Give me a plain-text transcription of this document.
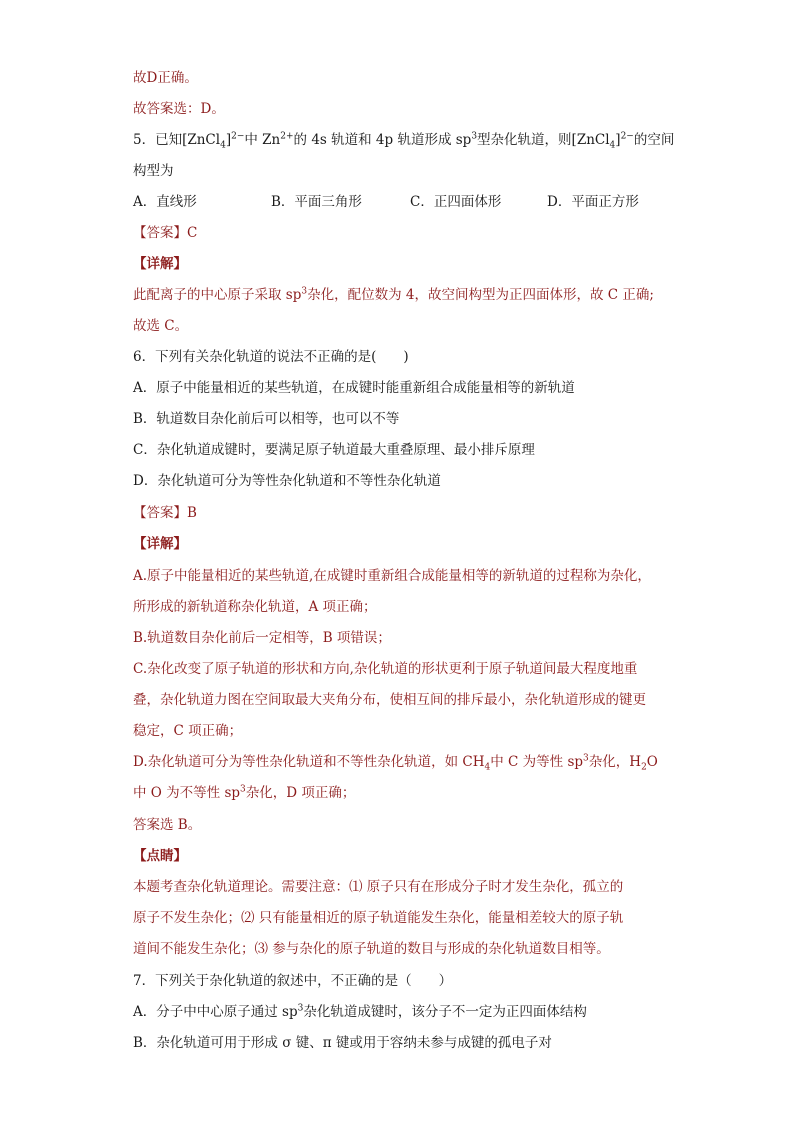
故D正确。
故答案选：D。
5．已知[ZnCl$_4$]$^{2-}$中 $Zn^{2+}$的 4s 轨道和 4p 轨道形成 $sp^3$型杂化轨道，则[ZnCl$_4$]$^{2-}$的空间
构型为
A．直线形	B．平面三角形	C．正四面体形	D．平面正方形
【答案】C
【详解】
此配离子的中心原子采取 $sp^3$杂化，配位数为 4，故空间构型为正四面体形，故 C 正确;
故选 C。
6．下列有关杂化轨道的说法不正确的是(　　)
A．原子中能量相近的某些轨道，在成键时能重新组合成能量相等的新轨道
B．轨道数目杂化前后可以相等，也可以不等
C．杂化轨道成键时，要满足原子轨道最大重叠原理、最小排斥原理
D．杂化轨道可分为等性杂化轨道和不等性杂化轨道
【答案】B
【详解】
A.原子中能量相近的某些轨道,在成键时重新组合成能量相等的新轨道的过程称为杂化，
所形成的新轨道称杂化轨道，A 项正确；
B.轨道数目杂化前后一定相等，B 项错误；
C.杂化改变了原子轨道的形状和方向,杂化轨道的形状更利于原子轨道间最大程度地重
叠，杂化轨道力图在空间取最大夹角分布，使相互间的排斥最小，杂化轨道形成的键更
稳定，C 项正确；
D.杂化轨道可分为等性杂化轨道和不等性杂化轨道，如 $CH_4$中 C 为等性 $sp^3$杂化，$H_2O$
中 O 为不等性 $sp^3$杂化，D 项正确；
答案选 B。
【点睛】
本题考查杂化轨道理论。需要注意：⑴ 原子只有在形成分子时才发生杂化，孤立的
原子不发生杂化；⑵ 只有能量相近的原子轨道能发生杂化，能量相差较大的原子轨
道间不能发生杂化；⑶ 参与杂化的原子轨道的数目与形成的杂化轨道数目相等。
7．下列关于杂化轨道的叙述中，不正确的是（　　）
A．分子中中心原子通过 $sp^3$杂化轨道成键时，该分子不一定为正四面体结构
B．杂化轨道可用于形成 σ 键、π 键或用于容纳未参与成键的孤电子对
